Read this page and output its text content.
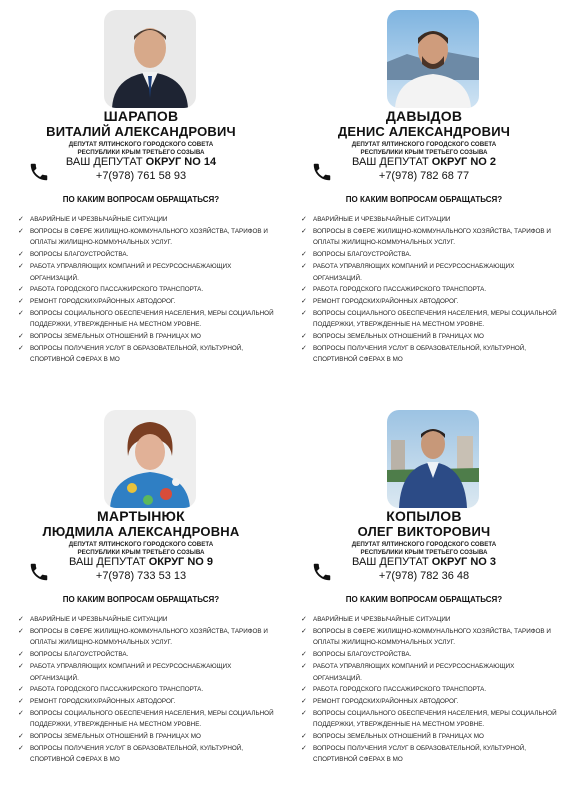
ШАРАПОВ
ВИТАЛИЙ АЛЕКСАНДРОВИЧ
ДЕПУТАТ ЯЛТИНСКОГО ГОРОДСКОГО СОВЕТА
РЕСПУБЛИКИ КРЫМ ТРЕТЬЕГО СОЗЫВА
ВАШ ДЕПУТАТ ОКРУГ NO 14
+7(978) 761 58 93
ПО КАКИМ ВОПРОСАМ ОБРАЩАТЬСЯ?
✓ АВАРИЙНЫЕ И ЧРЕЗВЫЧАЙНЫЕ СИТУАЦИИ
✓ ВОПРОСЫ В СФЕРЕ ЖИЛИЩНО-КОММУНАЛЬНОГО ХОЗЯЙСТВА, ТАРИФОВ И ОПЛАТЫ ЖИЛИЩНО-КОММУНАЛЬНЫХ УСЛУГ.
✓ ВОПРОСЫ БЛАГОУСТРОЙСТВА.
✓ РАБОТА УПРАВЛЯЮЩИХ КОМПАНИЙ И РЕСУРСОСНАБЖАЮЩИХ ОРГАНИЗАЦИЙ.
✓ РАБОТА ГОРОДСКОГО ПАССАЖИРСКОГО ТРАНСПОРТА.
✓ РЕМОНТ ГОРОДСКИХ/РАЙОННЫХ АВТОДОРОГ.
✓ ВОПРОСЫ СОЦИАЛЬНОГО ОБЕСПЕЧЕНИЯ НАСЕЛЕНИЯ, МЕРЫ СОЦИАЛЬНОЙ ПОДДЕРЖКИ, УТВЕРЖДЕННЫЕ НА МЕСТНОМ УРОВНЕ.
✓ ВОПРОСЫ ЗЕМЕЛЬНЫХ ОТНОШЕНИЙ В ГРАНИЦАХ МО
✓ ВОПРОСЫ ПОЛУЧЕНИЯ УСЛУГ В ОБРАЗОВАТЕЛЬНОЙ, КУЛЬТУРНОЙ, СПОРТИВНОЙ СФЕРАХ В МО
ДАВЫДОВ
ДЕНИС АЛЕКСАНДРОВИЧ
ДЕПУТАТ ЯЛТИНСКОГО ГОРОДСКОГО СОВЕТА
РЕСПУБЛИКИ КРЫМ ТРЕТЬЕГО СОЗЫВА
ВАШ ДЕПУТАТ ОКРУГ NO 2
+7(978) 782 68 77
ПО КАКИМ ВОПРОСАМ ОБРАЩАТЬСЯ?
✓ АВАРИЙНЫЕ И ЧРЕЗВЫЧАЙНЫЕ СИТУАЦИИ
✓ ВОПРОСЫ В СФЕРЕ ЖИЛИЩНО-КОММУНАЛЬНОГО ХОЗЯЙСТВА, ТАРИФОВ И ОПЛАТЫ ЖИЛИЩНО-КОММУНАЛЬНЫХ УСЛУГ.
✓ ВОПРОСЫ БЛАГОУСТРОЙСТВА.
✓ РАБОТА УПРАВЛЯЮЩИХ КОМПАНИЙ И РЕСУРСОСНАБЖАЮЩИХ ОРГАНИЗАЦИЙ.
✓ РАБОТА ГОРОДСКОГО ПАССАЖИРСКОГО ТРАНСПОРТА.
✓ РЕМОНТ ГОРОДСКИХ/РАЙОННЫХ АВТОДОРОГ.
✓ ВОПРОСЫ СОЦИАЛЬНОГО ОБЕСПЕЧЕНИЯ НАСЕЛЕНИЯ, МЕРЫ СОЦИАЛЬНОЙ ПОДДЕРЖКИ, УТВЕРЖДЕННЫЕ НА МЕСТНОМ УРОВНЕ.
✓ ВОПРОСЫ ЗЕМЕЛЬНЫХ ОТНОШЕНИЙ В ГРАНИЦАХ МО
✓ ВОПРОСЫ ПОЛУЧЕНИЯ УСЛУГ В ОБРАЗОВАТЕЛЬНОЙ, КУЛЬТУРНОЙ, СПОРТИВНОЙ СФЕРАХ В МО
МАРТЫНЮК
ЛЮДМИЛА АЛЕКСАНДРОВНА
ДЕПУТАТ ЯЛТИНСКОГО ГОРОДСКОГО СОВЕТА
РЕСПУБЛИКИ КРЫМ ТРЕТЬЕГО СОЗЫВА
ВАШ ДЕПУТАТ ОКРУГ NO 9
+7(978) 733 53 13
ПО КАКИМ ВОПРОСАМ ОБРАЩАТЬСЯ?
✓ АВАРИЙНЫЕ И ЧРЕЗВЫЧАЙНЫЕ СИТУАЦИИ
✓ ВОПРОСЫ В СФЕРЕ ЖИЛИЩНО-КОММУНАЛЬНОГО ХОЗЯЙСТВА, ТАРИФОВ И ОПЛАТЫ ЖИЛИЩНО-КОММУНАЛЬНЫХ УСЛУГ.
✓ ВОПРОСЫ БЛАГОУСТРОЙСТВА.
✓ РАБОТА УПРАВЛЯЮЩИХ КОМПАНИЙ И РЕСУРСОСНАБЖАЮЩИХ ОРГАНИЗАЦИЙ.
✓ РАБОТА ГОРОДСКОГО ПАССАЖИРСКОГО ТРАНСПОРТА.
✓ РЕМОНТ ГОРОДСКИХ/РАЙОННЫХ АВТОДОРОГ.
✓ ВОПРОСЫ СОЦИАЛЬНОГО ОБЕСПЕЧЕНИЯ НАСЕЛЕНИЯ, МЕРЫ СОЦИАЛЬНОЙ ПОДДЕРЖКИ, УТВЕРЖДЕННЫЕ НА МЕСТНОМ УРОВНЕ.
✓ ВОПРОСЫ ЗЕМЕЛЬНЫХ ОТНОШЕНИЙ В ГРАНИЦАХ МО
✓ ВОПРОСЫ ПОЛУЧЕНИЯ УСЛУГ В ОБРАЗОВАТЕЛЬНОЙ, КУЛЬТУРНОЙ, СПОРТИВНОЙ СФЕРАХ В МО
КОПЫЛОВ
ОЛЕГ ВИКТОРОВИЧ
ДЕПУТАТ ЯЛТИНСКОГО ГОРОДСКОГО СОВЕТА
РЕСПУБЛИКИ КРЫМ ТРЕТЬЕГО СОЗЫВА
ВАШ ДЕПУТАТ ОКРУГ NO 3
+7(978) 782 36 48
ПО КАКИМ ВОПРОСАМ ОБРАЩАТЬСЯ?
✓ АВАРИЙНЫЕ И ЧРЕЗВЫЧАЙНЫЕ СИТУАЦИИ
✓ ВОПРОСЫ В СФЕРЕ ЖИЛИЩНО-КОММУНАЛЬНОГО ХОЗЯЙСТВА, ТАРИФОВ И ОПЛАТЫ ЖИЛИЩНО-КОММУНАЛЬНЫХ УСЛУГ.
✓ ВОПРОСЫ БЛАГОУСТРОЙСТВА.
✓ РАБОТА УПРАВЛЯЮЩИХ КОМПАНИЙ И РЕСУРСОСНАБЖАЮЩИХ ОРГАНИЗАЦИЙ.
✓ РАБОТА ГОРОДСКОГО ПАССАЖИРСКОГО ТРАНСПОРТА.
✓ РЕМОНТ ГОРОДСКИХ/РАЙОННЫХ АВТОДОРОГ.
✓ ВОПРОСЫ СОЦИАЛЬНОГО ОБЕСПЕЧЕНИЯ НАСЕЛЕНИЯ, МЕРЫ СОЦИАЛЬНОЙ ПОДДЕРЖКИ, УТВЕРЖДЕННЫЕ НА МЕСТНОМ УРОВНЕ.
✓ ВОПРОСЫ ЗЕМЕЛЬНЫХ ОТНОШЕНИЙ В ГРАНИЦАХ МО
✓ ВОПРОСЫ ПОЛУЧЕНИЯ УСЛУГ В ОБРАЗОВАТЕЛЬНОЙ, КУЛЬТУРНОЙ, СПОРТИВНОЙ СФЕРАХ В МО
